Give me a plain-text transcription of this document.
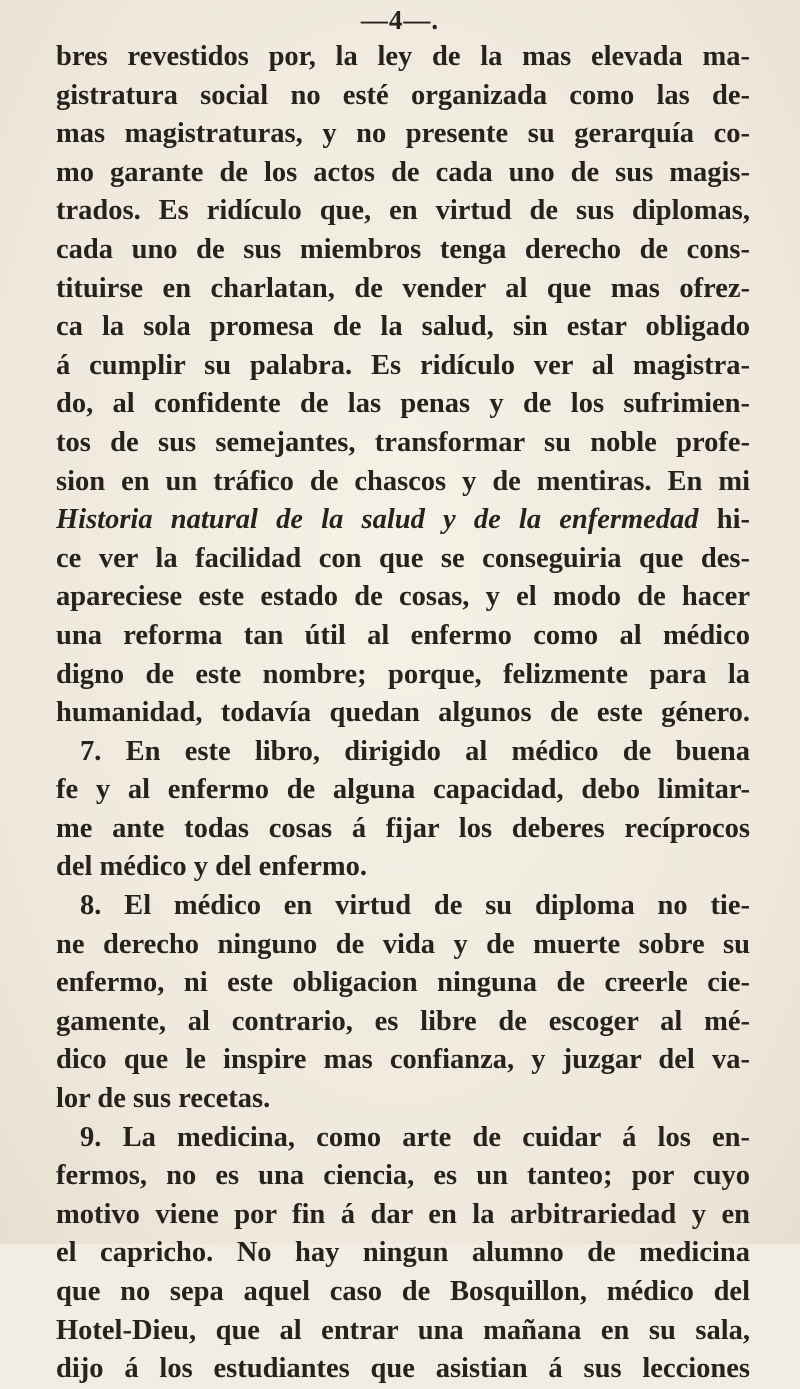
—4—.
bres revestidos por, la ley de la mas elevada ma-
gistratura social no esté organizada como las de-
mas magistraturas, y no presente su gerarquía co-
mo garante de los actos de cada uno de sus magis-
trados. Es ridículo que, en virtud de sus diplomas,
cada uno de sus miembros tenga derecho de cons-
tituirse en charlatan, de vender al que mas ofrez-
ca la sola promesa de la salud, sin estar obligado
á cumplir su palabra. Es ridículo ver al magistra-
do, al confidente de las penas y de los sufrimien-
tos de sus semejantes, transformar su noble profe-
sion en un tráfico de chascos y de mentiras. En mi
Historia natural de la salud y de la enfermedad hi-
ce ver la facilidad con que se conseguiria que des-
apareciese este estado de cosas, y el modo de hacer
una reforma tan útil al enfermo como al médico
digno de este nombre; porque, felizmente para la
humanidad, todavía quedan algunos de este género.
7. En este libro, dirigido al médico de buena
fe y al enfermo de alguna capacidad, debo limitar-
me ante todas cosas á fijar los deberes recíprocos
del médico y del enfermo.
8. El médico en virtud de su diploma no tie-
ne derecho ninguno de vida y de muerte sobre su
enfermo, ni este obligacion ninguna de creerle cie-
gamente, al contrario, es libre de escoger al mé-
dico que le inspire mas confianza, y juzgar del va-
lor de sus recetas.
9. La medicina, como arte de cuidar á los en-
fermos, no es una ciencia, es un tanteo; por cuyo
motivo viene por fin á dar en la arbitrariedad y en
el capricho. No hay ningun alumno de medicina
que no sepa aquel caso de Bosquillon, médico del
Hotel-Dieu, que al entrar una mañana en su sala,
dijo á los estudiantes que asistian á sus lecciones
